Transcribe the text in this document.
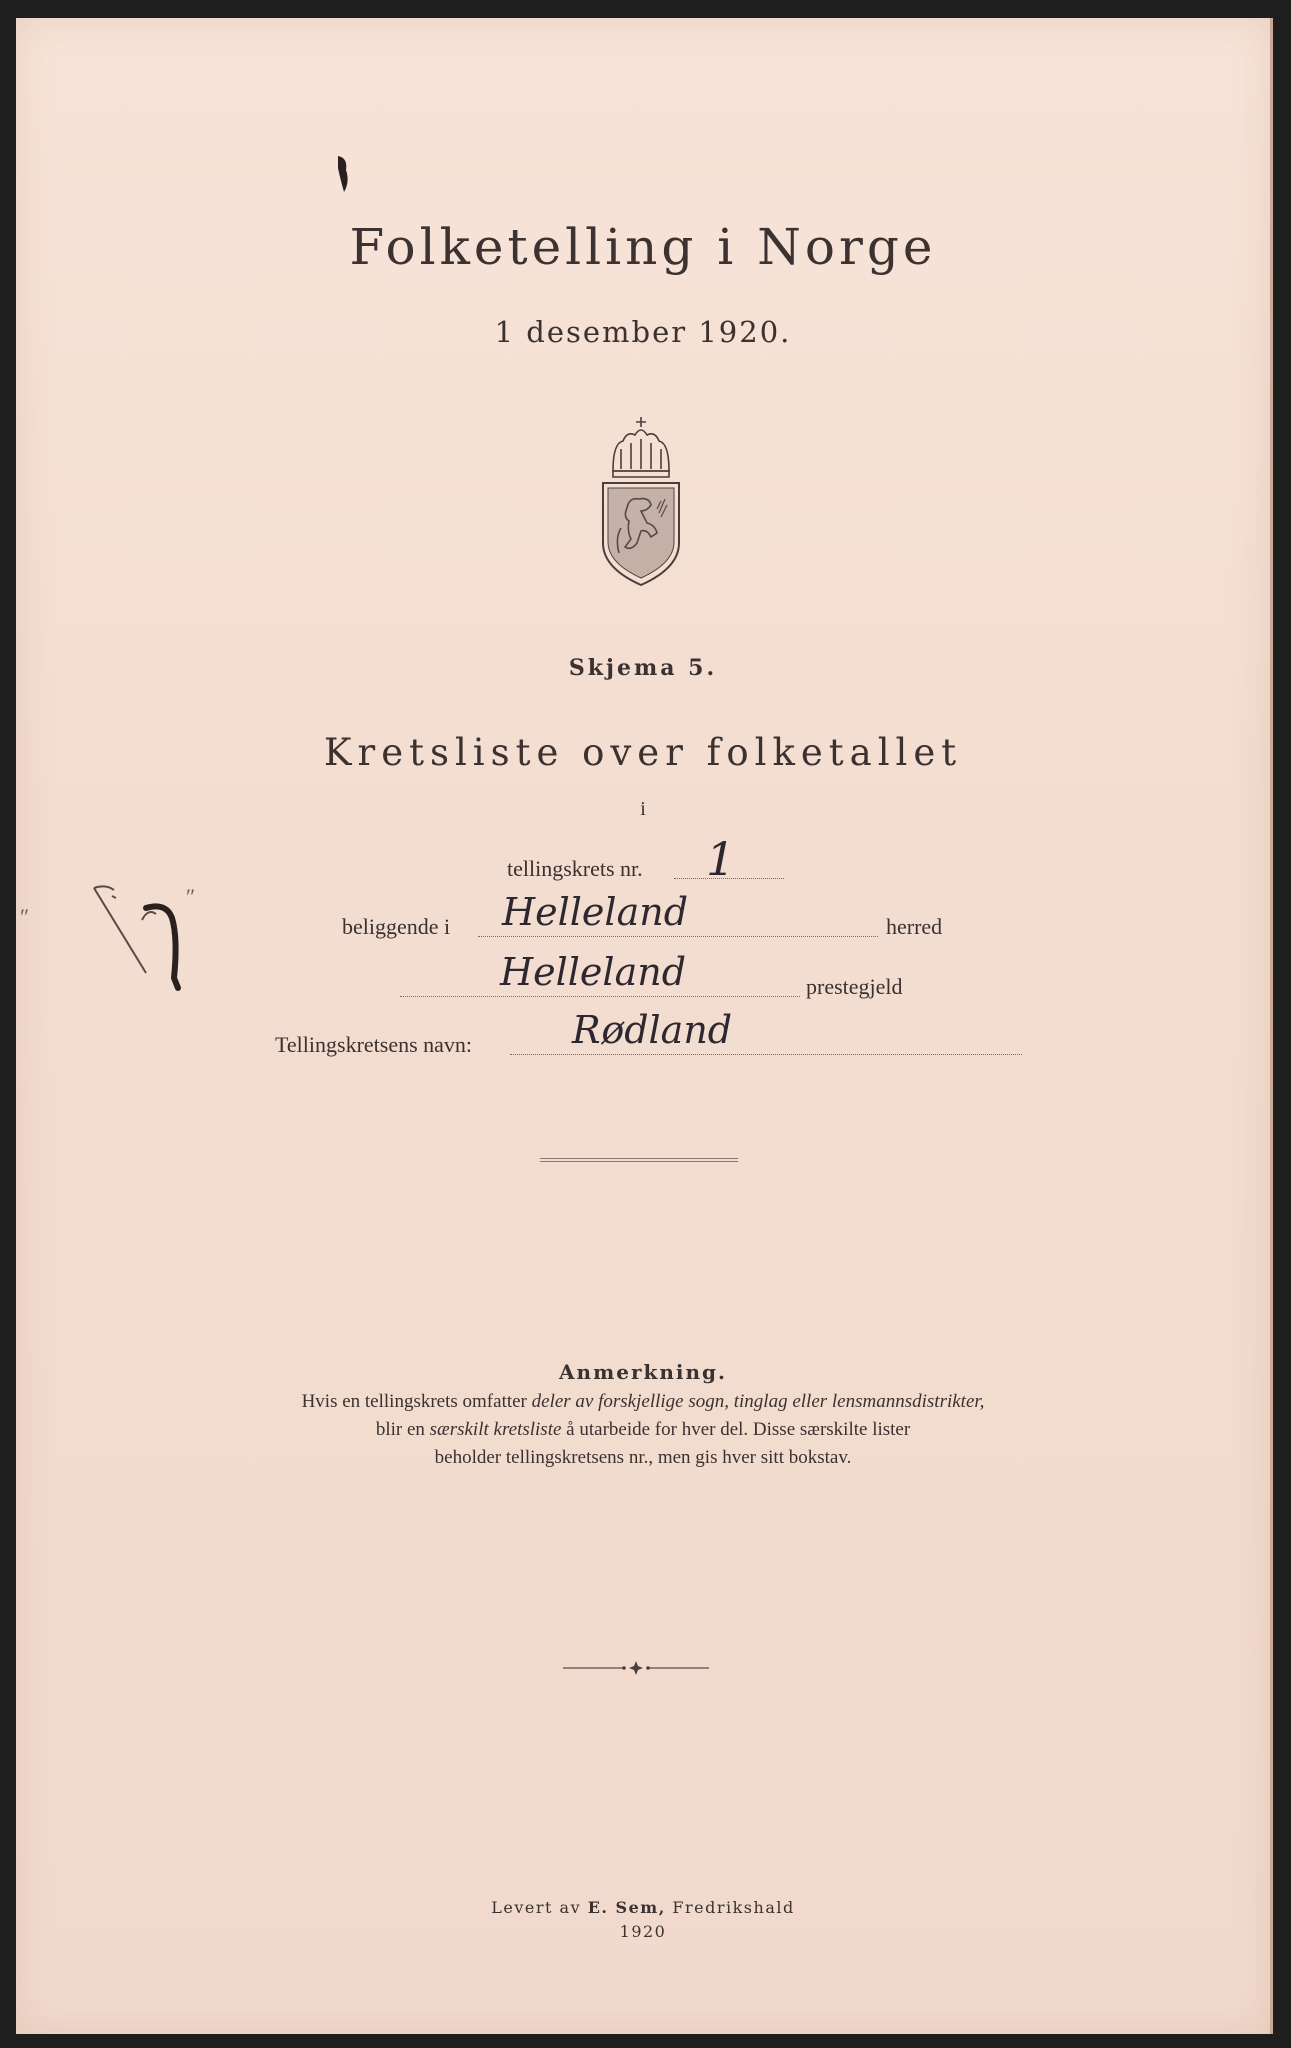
Folketelling i Norge
1 desember 1920.
Skjema 5.
Kretsliste over folketallet
i
tellingskrets nr. 1
beliggende i Helleland	herred
Helleland	prestegjeld
Tellingskretsens navn:	Rødland
″
″
Anmerkning.
Hvis en tellingskrets omfatter deler av forskjellige sogn, tinglag eller lensmannsdistrikter,
blir en særskilt kretsliste å utarbeide for hver del. Disse særskilte lister
beholder tellingskretsens nr., men gis hver sitt bokstav.
Levert av E. Sem, Fredrikshald
1920
